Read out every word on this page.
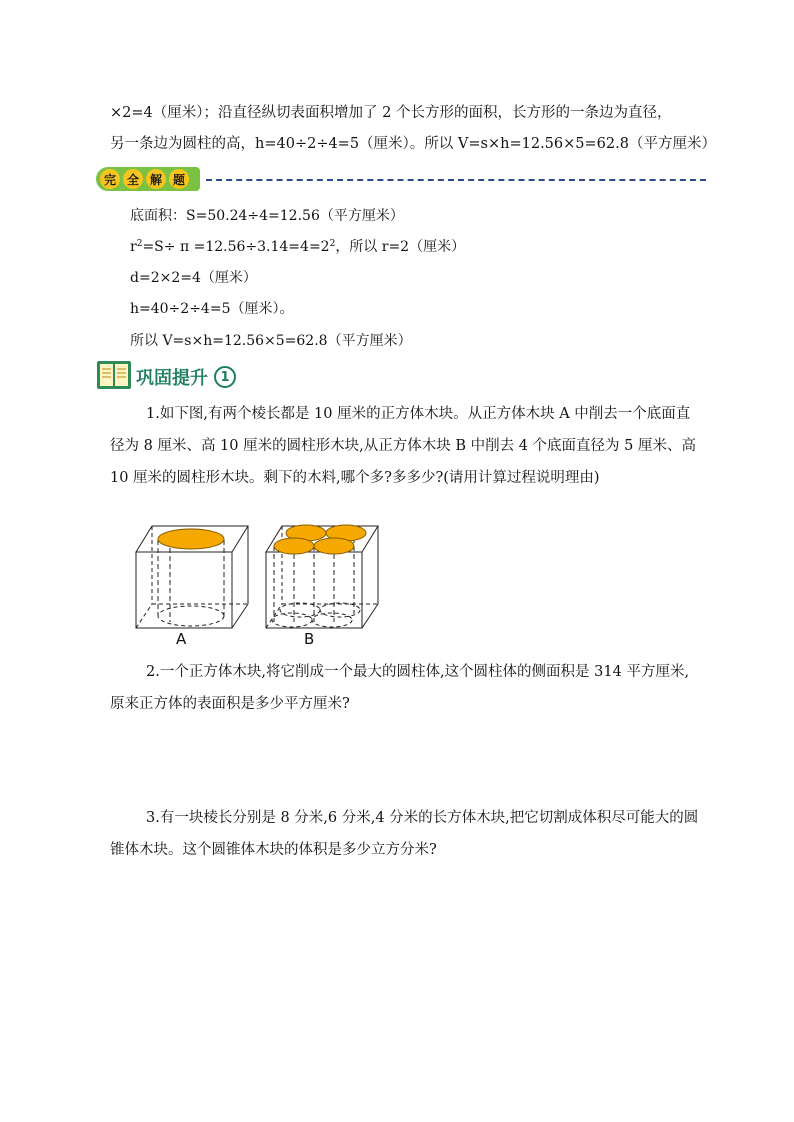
×2=4（厘米）；沿直径纵切表面积增加了 2 个长方形的面积，长方形的一条边为直径，
另一条边为圆柱的高，h=40÷2÷4=5（厘米）。所以 V=s×h=12.56×5=62.8（平方厘米）
完 全 解 题
底面积：S=50.24÷4=12.56（平方厘米）
$r^2=S\div \pi =12.56\div 3.14=4=2^2$，所以 r=2（厘米）
d=2×2=4（厘米）
h=40÷2÷4=5（厘米）。
所以 V=s×h=12.56×5=62.8（平方厘米）
巩固提升 1
1.如下图,有两个棱长都是 10 厘米的正方体木块。从正方体木块 A 中削去一个底面直径为 8 厘米、高 10 厘米的圆柱形木块,从正方体木块 B 中削去 4 个底面直径为 5 厘米、高 10 厘米的圆柱形木块。剩下的木料,哪个多?多多少?(请用计算过程说明理由)
A	B
2.一个正方体木块,将它削成一个最大的圆柱体,这个圆柱体的侧面积是 314 平方厘米,原来正方体的表面积是多少平方厘米?
3.有一块棱长分别是 8 分米,6 分米,4 分米的长方体木块,把它切割成体积尽可能大的圆锥体木块。这个圆锥体木块的体积是多少立方分米?
